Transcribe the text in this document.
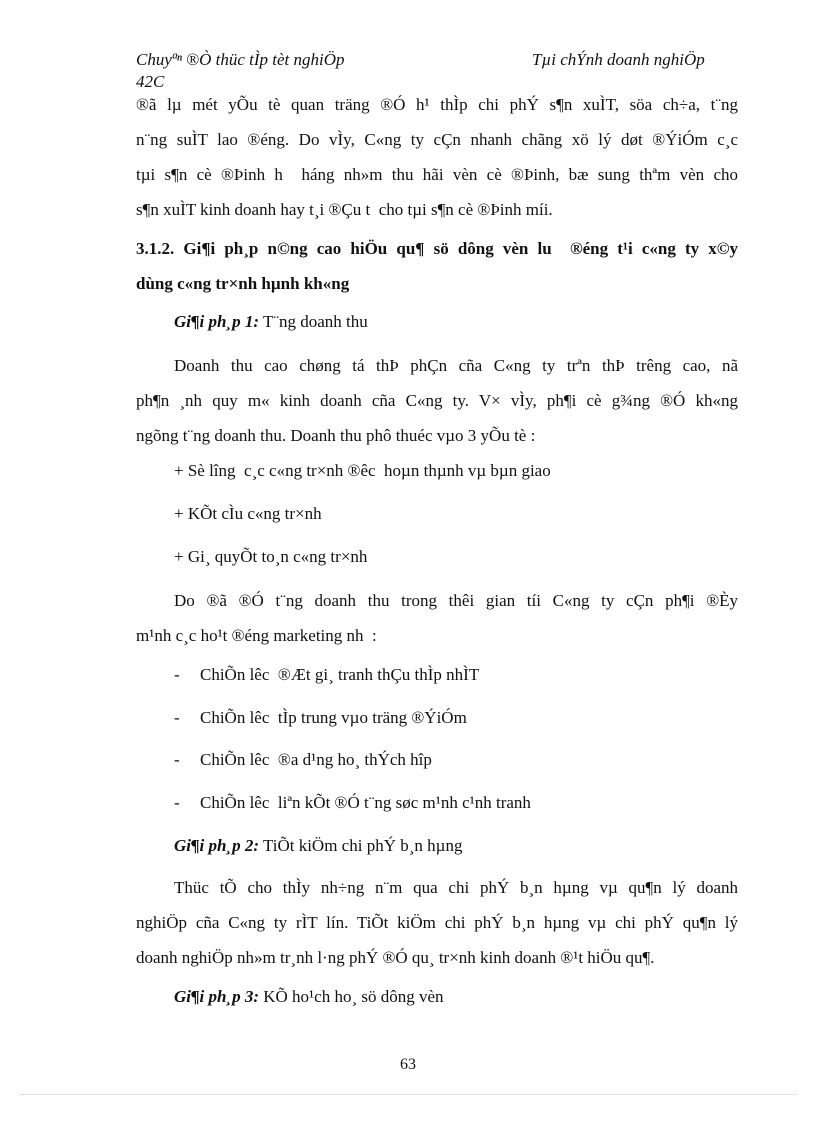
Chuyªⁿ ®Ò thüc tÌp tèt nghiÖp	Tµi chÝnh doanh nghiÖp
42C
®ã lµ mét yÕu tè quan träng ®Ó h¹ thÌp chi phÝ s¶n xuÌT, söa ch÷a, t¨ng
n¨ng suÌT lao ®éng. Do vÌy, C«ng ty cÇn nhanh chãng xö lý døt ®ÝiÓm c¸c
tµi s¶n cè ®Þinh h  háng nh»m thu hãi vèn cè ®Þinh, bæ sung thªm vèn cho
s¶n xuÌT kinh doanh hay t¸i ®Çu t  cho tµi s¶n cè ®Þinh míi.
3.1.2. Gi¶i ph¸p n©ng cao hiÖu qu¶ sö dông vèn lu  ®éng t¹i c«ng ty x©y
dùng c«ng tr×nh hµnh kh«ng
Gi¶i ph¸p 1: T¨ng doanh thu
Doanh thu cao chøng tá thÞ phÇn cña C«ng ty trªn thÞ trêng cao, nã
ph¶n ¸nh quy m« kinh doanh cña C«ng ty. V× vÌy, ph¶i cè g¾ng ®Ó kh«ng
ngõng t¨ng doanh thu. Doanh thu phô thuéc vµo 3 yÕu tè :
+ Sè lîng  c¸c c«ng tr×nh ®êc  hoµn thµnh vµ bµn giao
+ KÕt cÌu c«ng tr×nh
+ Gi¸ quyÕt to¸n c«ng tr×nh
Do ®ã ®Ó t¨ng doanh thu trong thêi gian tíi C«ng ty cÇn ph¶i ®Èy
m¹nh c¸c ho¹t ®éng marketing nh  :
- ChiÕn lêc  ®Æt gi¸ tranh thÇu thÌp nhÌT
- ChiÕn lêc  tÌp trung vµo träng ®ÝiÓm
- ChiÕn lêc  ®a d¹ng ho¸ thÝch hîp
- ChiÕn lêc  liªn kÕt ®Ó t¨ng søc m¹nh c¹nh tranh
Gi¶i ph¸p 2: TiÕt kiÖm chi phÝ b¸n hµng
Thüc tÕ cho thÌy nh÷ng n¨m qua chi phÝ b¸n hµng vµ qu¶n lý doanh
nghiÖp cña C«ng ty rÌT lín. TiÕt kiÖm chi phÝ b¸n hµng vµ chi phÝ qu¶n lý
doanh nghiÖp nh»m tr¸nh l·ng phÝ ®Ó qu¸ tr×nh kinh doanh ®¹t hiÖu qu¶.
Gi¶i ph¸p 3: KÕ ho¹ch ho¸ sö dông vèn
63
